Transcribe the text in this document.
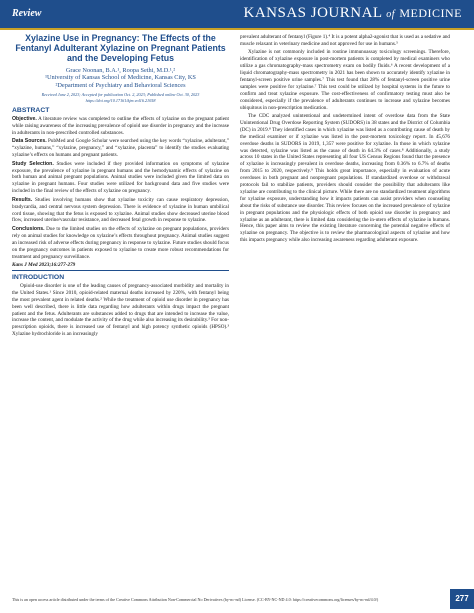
Review	KANSAS JOURNAL of MEDICINE
Xylazine Use in Pregnancy: The Effects of the Fentanyl Adulterant Xylazine on Pregnant Patients and the Developing Fetus
Grace Noonan, B.A.¹, Roopa Sethi, M.D.¹,²
¹University of Kansas School of Medicine, Kansas City, KS
²Department of Psychiatry and Behavioral Sciences
Received June 2, 2023; Accepted for publication Oct. 2, 2023; Published online Oct. 30, 2023 https://doi.org/10.17161/kjm.vol16.21058
ABSTRACT

Objective. A literature review was completed to outline the effects of xylazine on the pregnant patient while raising awareness of the increasing prevalence of opioid use disorder in pregnancy and the increase in adulterants in non-prescribed controlled substances.

Data Sources. PubMed and Google Scholar were searched using the key words “xylazine, adulterant,” “xylazine, humans,” “xylazine, pregnancy,” and “xylazine, placenta” to identify the studies evaluating xylazine’s effects on humans and pregnant patients.

Study Selection. Studies were included if they provided information on symptoms of xylazine exposure, the prevalence of xylazine in pregnant humans and the hemodynamic effects of xylazine on both human and animal pregnant populations. Animal studies were included given the limited data on xylazine in pregnant humans. Four studies were utilized for background data and five studies were included in the final review of the effects of xylazine on pregnancy.

Results. Studies involving humans show that xylazine toxicity can cause respiratory depression, bradycardia, and central nervous system depression. There is evidence of xylazine in human umbilical cord tissue, showing that the fetus is exposed to xylazine. Animal studies show decreased uterine blood flow, increased uterine/vascular resistance, and decreased fetal growth in response to xylazine.

Conclusions. Due to the limited studies on the effects of xylazine on pregnant populations, providers rely on animal studies for knowledge on xylazine’s effects throughout pregnancy. Animal studies suggest an increased risk of adverse effects during pregnancy in response to xylazine. Future studies should focus on the pregnancy outcomes in patients exposed to xylazine to create more robust recommendations for treatment and pregnancy surveillance.

Kans J Med 2023;16:277-279
INTRODUCTION

Opioid-use disorder is one of the leading causes of pregnancy-associated morbidity and mortality in the United States.¹ Since 2010, opioid-related maternal deaths increased by 220%, with fentanyl being the most prevalent agent in related deaths.² While the treatment of opioid use disorder in pregnancy has been well described, there is little data regarding how adulterants within drugs impact the pregnant patient and the fetus. Adulterants are substances added to drugs that are intended to increase the value, increase the content, and modulate the activity of the drug while also increasing its desirability.³ For non-prescription opioids, there is increased use of fentanyl and high potency synthetic opioids (HPSO).³ Xylazine hydrochloride is an increasingly

prevalent adulterant of fentanyl (Figure 1).⁴ It is a potent alpha2-agonist that is used as a sedative and muscle relaxant in veterinary medicine and not approved for use in humans.⁵

Xylazine is not commonly included in routine immunoassay toxicology screenings. Therefore, identification of xylazine exposure in post-mortem patients is completed by medical examiners who utilize a gas chromatography-mass spectrometry exam on bodily fluids.⁶ A recent development of a liquid chromatography-mass spectrometry in 2021 has been shown to accurately identify xylazine in fentanyl-screen positive urine samples.⁷ This test found that 28% of fentanyl-screen positive urine samples were positive for xylazine.⁷ This test could be utilized by hospital systems in the future to confirm and treat xylazine exposure. The cost-effectiveness of confirmatory testing must also be considered, especially if the prevalence of adulterants continues to increase and xylazine becomes ubiquitous in non-prescription medication.

The CDC analyzed unintentional and undetermined intent of overdose data from the State Unintentional Drug Overdose Reporting System (SUDORS) in 38 states and the District of Columbia (DC) in 2019.⁸ They identified cases in which xylazine was listed as a contributing cause of death by the medical examiner or if xylazine was listed in the post-mortem toxicology report. In 45,676 overdose deaths in SUDORS in 2019, 1,357 were positive for xylazine. In those in which xylazine was detected, xylazine was listed as the cause of death in 64.3% of cases.⁸ Additionally, a study across 10 states in the United States representing all four US Census Regions found that the presence of xylazine is increasingly prevalent in overdose deaths, increasing from 0.36% to 6.7% of deaths from 2015 to 2020, respectively.⁹ This holds great importance, especially in evaluation of acute overdoses in both pregnant and nonpregnant populations. If standardized overdose or withdrawal protocols fail to stabilize patients, providers should consider the possibility that adulterants like xylazine are contributing to the clinical picture. While there are no standardized treatment algorithms for xylazine exposure, understanding how it impacts patients can assist providers when counseling about the risks of substance use disorder. This review focuses on the increased prevalence of xylazine in pregnant populations and the physiologic effects of both opioid use disorder in pregnancy and xylazine as an adulterant, there is limited data considering the in-utero effects of xylazine in humans. Hence, this paper aims to review the existing literature concerning the potential negative effects of xylazine on pregnancy. The objective is to review the pharmacological aspects of xylazine and how this impacts pregnancy while also increasing awareness regarding adulterant exposure.

This is an open access article distributed under the terms of the Creative Commons Attribution Non-Commercial No Derivatives (by-nc-nd) License. (CC-BY-NC-ND 4.0: https://creativecommons.org/licenses/by-nc-nd/4.0/)	277
